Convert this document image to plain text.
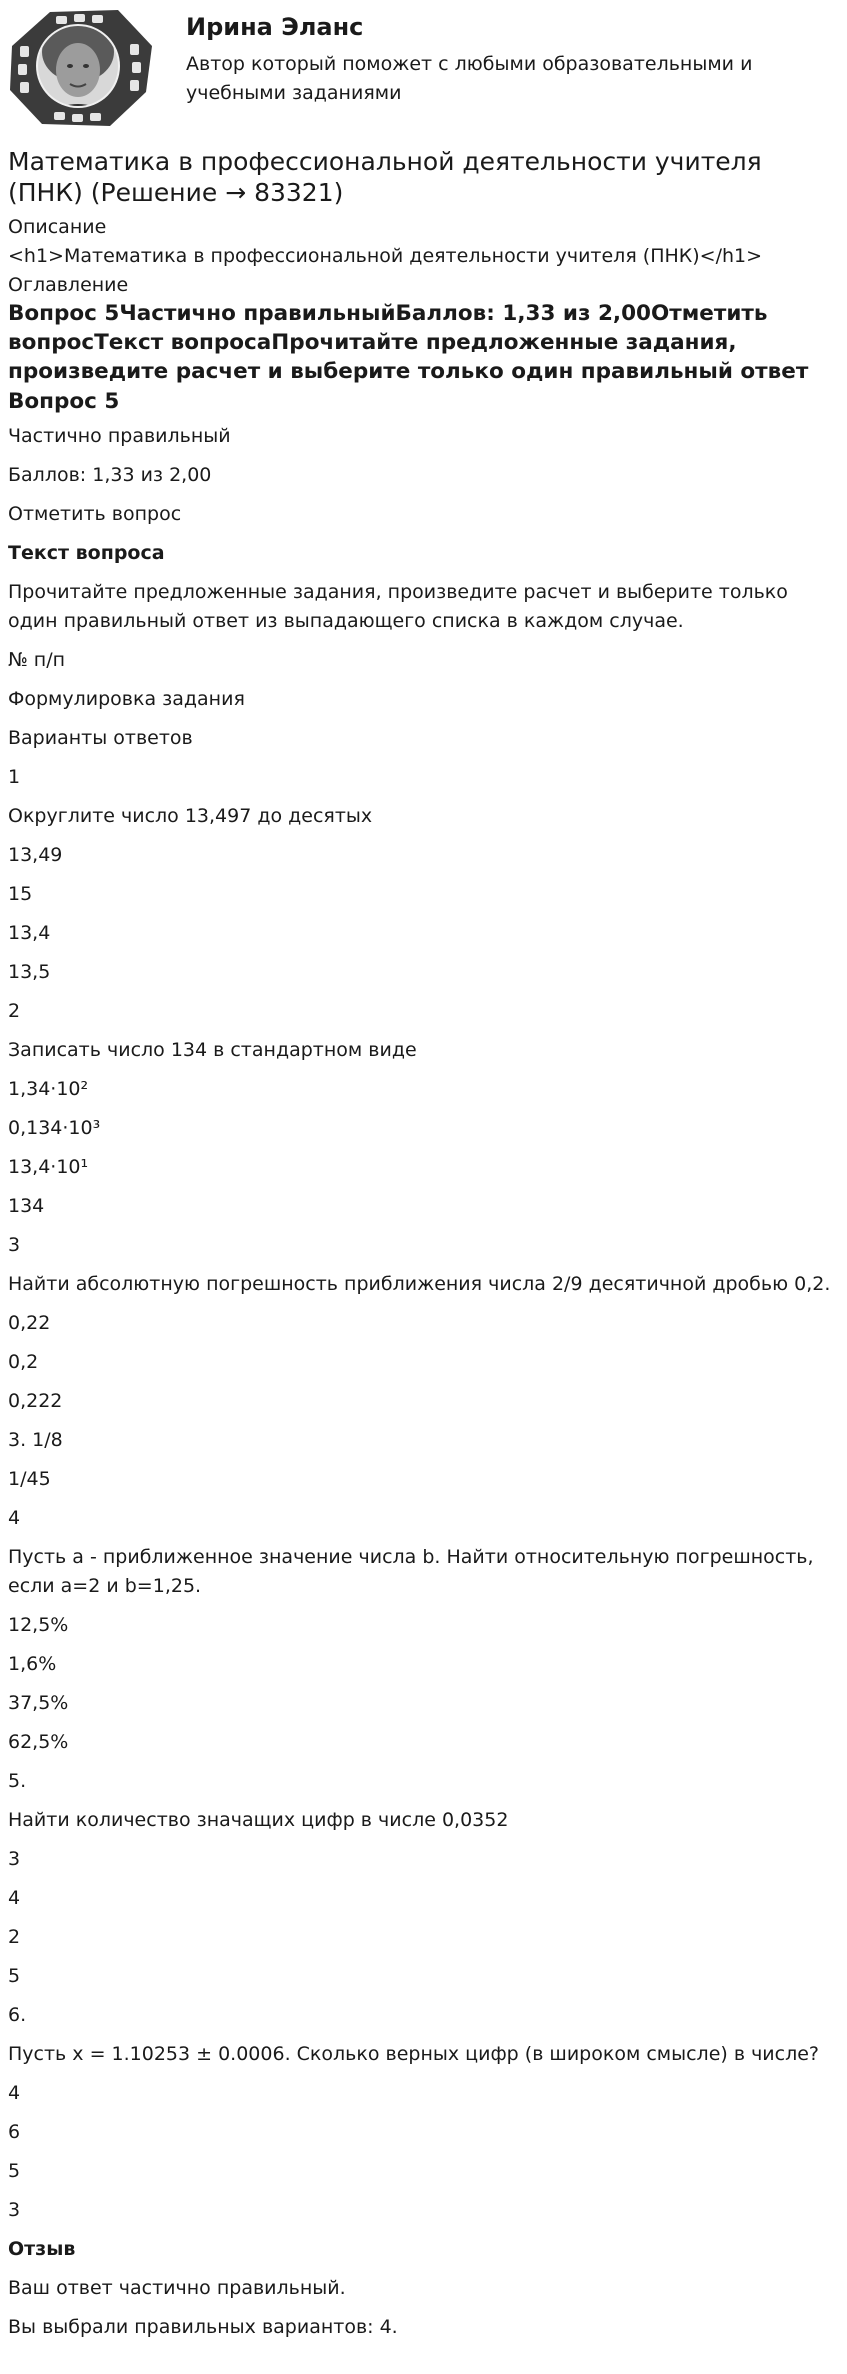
Ирина Эланс
Автор который поможет с любыми образовательными и учебными заданиями
Математика в профессиональной деятельности учителя (ПНК) (Решение → 83321)
Описание
<h1>Математика в профессиональной деятельности учителя (ПНК)</h1>
Оглавление
Вопрос 5Частично правильныйБаллов: 1,33 из 2,00Отметить вопросТекст вопросаПрочитайте предложенные задания, произведите расчет и выберите только один правильный ответ
Вопрос 5
Частично правильный
Баллов: 1,33 из 2,00
Отметить вопрос
Текст вопроса
Прочитайте предложенные задания, произведите расчет и выберите только один правильный ответ из выпадающего списка в каждом случае.
№ п/п
Формулировка задания
Варианты ответов
1
Округлите число 13,497 до десятых
13,49
15
13,4
13,5
2
Записать число 134 в стандартном виде
1,34·10²
0,134·10³
13,4·10¹
134
3
Найти абсолютную погрешность приближения числа 2/9 десятичной дробью 0,2.
0,22
0,2
0,222
3. 1/8
1/45
4
Пусть а - приближенное значение числа b. Найти относительную погрешность, если a=2 и b=1,25.
12,5%
1,6%
37,5%
62,5%
5.
Найти количество значащих цифр в числе 0,0352
3
4
2
5
6.
Пусть x = 1.10253 ± 0.0006. Сколько верных цифр (в широком смысле) в числе?
4
6
5
3
Отзыв
Ваш ответ частично правильный.
Вы выбрали правильных вариантов: 4.
